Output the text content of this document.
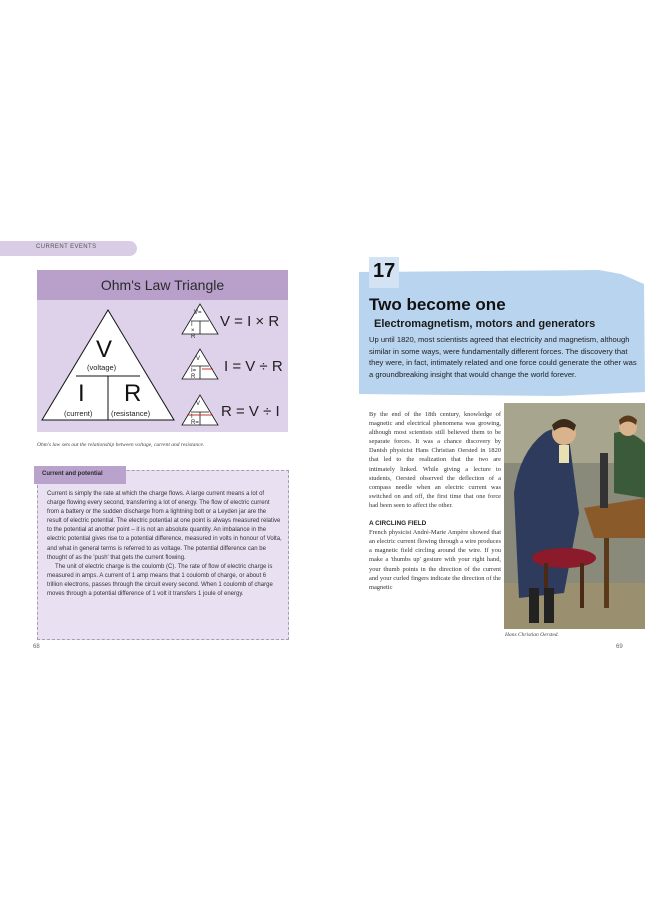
CURRENT EVENTS
Ohm's Law Triangle
V
(voltage)
I
(current)
R
(resistance)
V=
I × R
V = I × R
V
I= R
I = V ÷ R
V
I R=
R = V ÷ I
Ohm's law sets out the relationship between voltage, current and resistance.
Current and potential

Current is simply the rate at which the charge flows. A large current means a lot of charge flowing every second, transferring a lot of energy. The flow of electric current from a battery or the sudden discharge from a lightning bolt or a Leyden jar are the result of electric potential. The electric potential at one point is always measured relative to the potential at another point – it is not an absolute quantity. An imbalance in the electric potential gives rise to a potential difference, measured in volts in honour of Volta, and what in general terms is referred to as voltage. The potential difference can be thought of as the 'push' that gets the current flowing.

The unit of electric charge is the coulomb (C). The rate of flow of electric charge is measured in amps. A current of 1 amp means that 1 coulomb of charge, or about 6 trillion electrons, passes through the circuit every second. When 1 coulomb of charge moves through a potential difference of 1 volt it transfers 1 joule of energy.

68
17
Two become one
Electromagnetism, motors and generators
Up until 1820, most scientists agreed that electricity and magnetism, although similar in some ways, were fundamentally different forces. The discovery that they were, in fact, intimately related and one force could generate the other was a groundbreaking insight that would change the world forever.

By the end of the 18th century, knowledge of magnetic and electrical phenomena was growing, although most scientists still believed them to be separate forces. It was a chance discovery by Danish physicist Hans Christian Oersted in 1820 that led to the realization that the two are intimately linked. While giving a lecture to students, Oersted observed the deflection of a compass needle when an electric current was switched on and off, the first time that one force had been seen to affect the other.

A CIRCLING FIELD

French physicist André-Marie Ampère showed that an electric current flowing through a wire produces a magnetic field circling around the wire. If you make a 'thumbs up' gesture with your right hand, your thumb points in the direction of the current and your curled fingers indicate the direction of the magnetic

Hans Christian Oersted.
69
